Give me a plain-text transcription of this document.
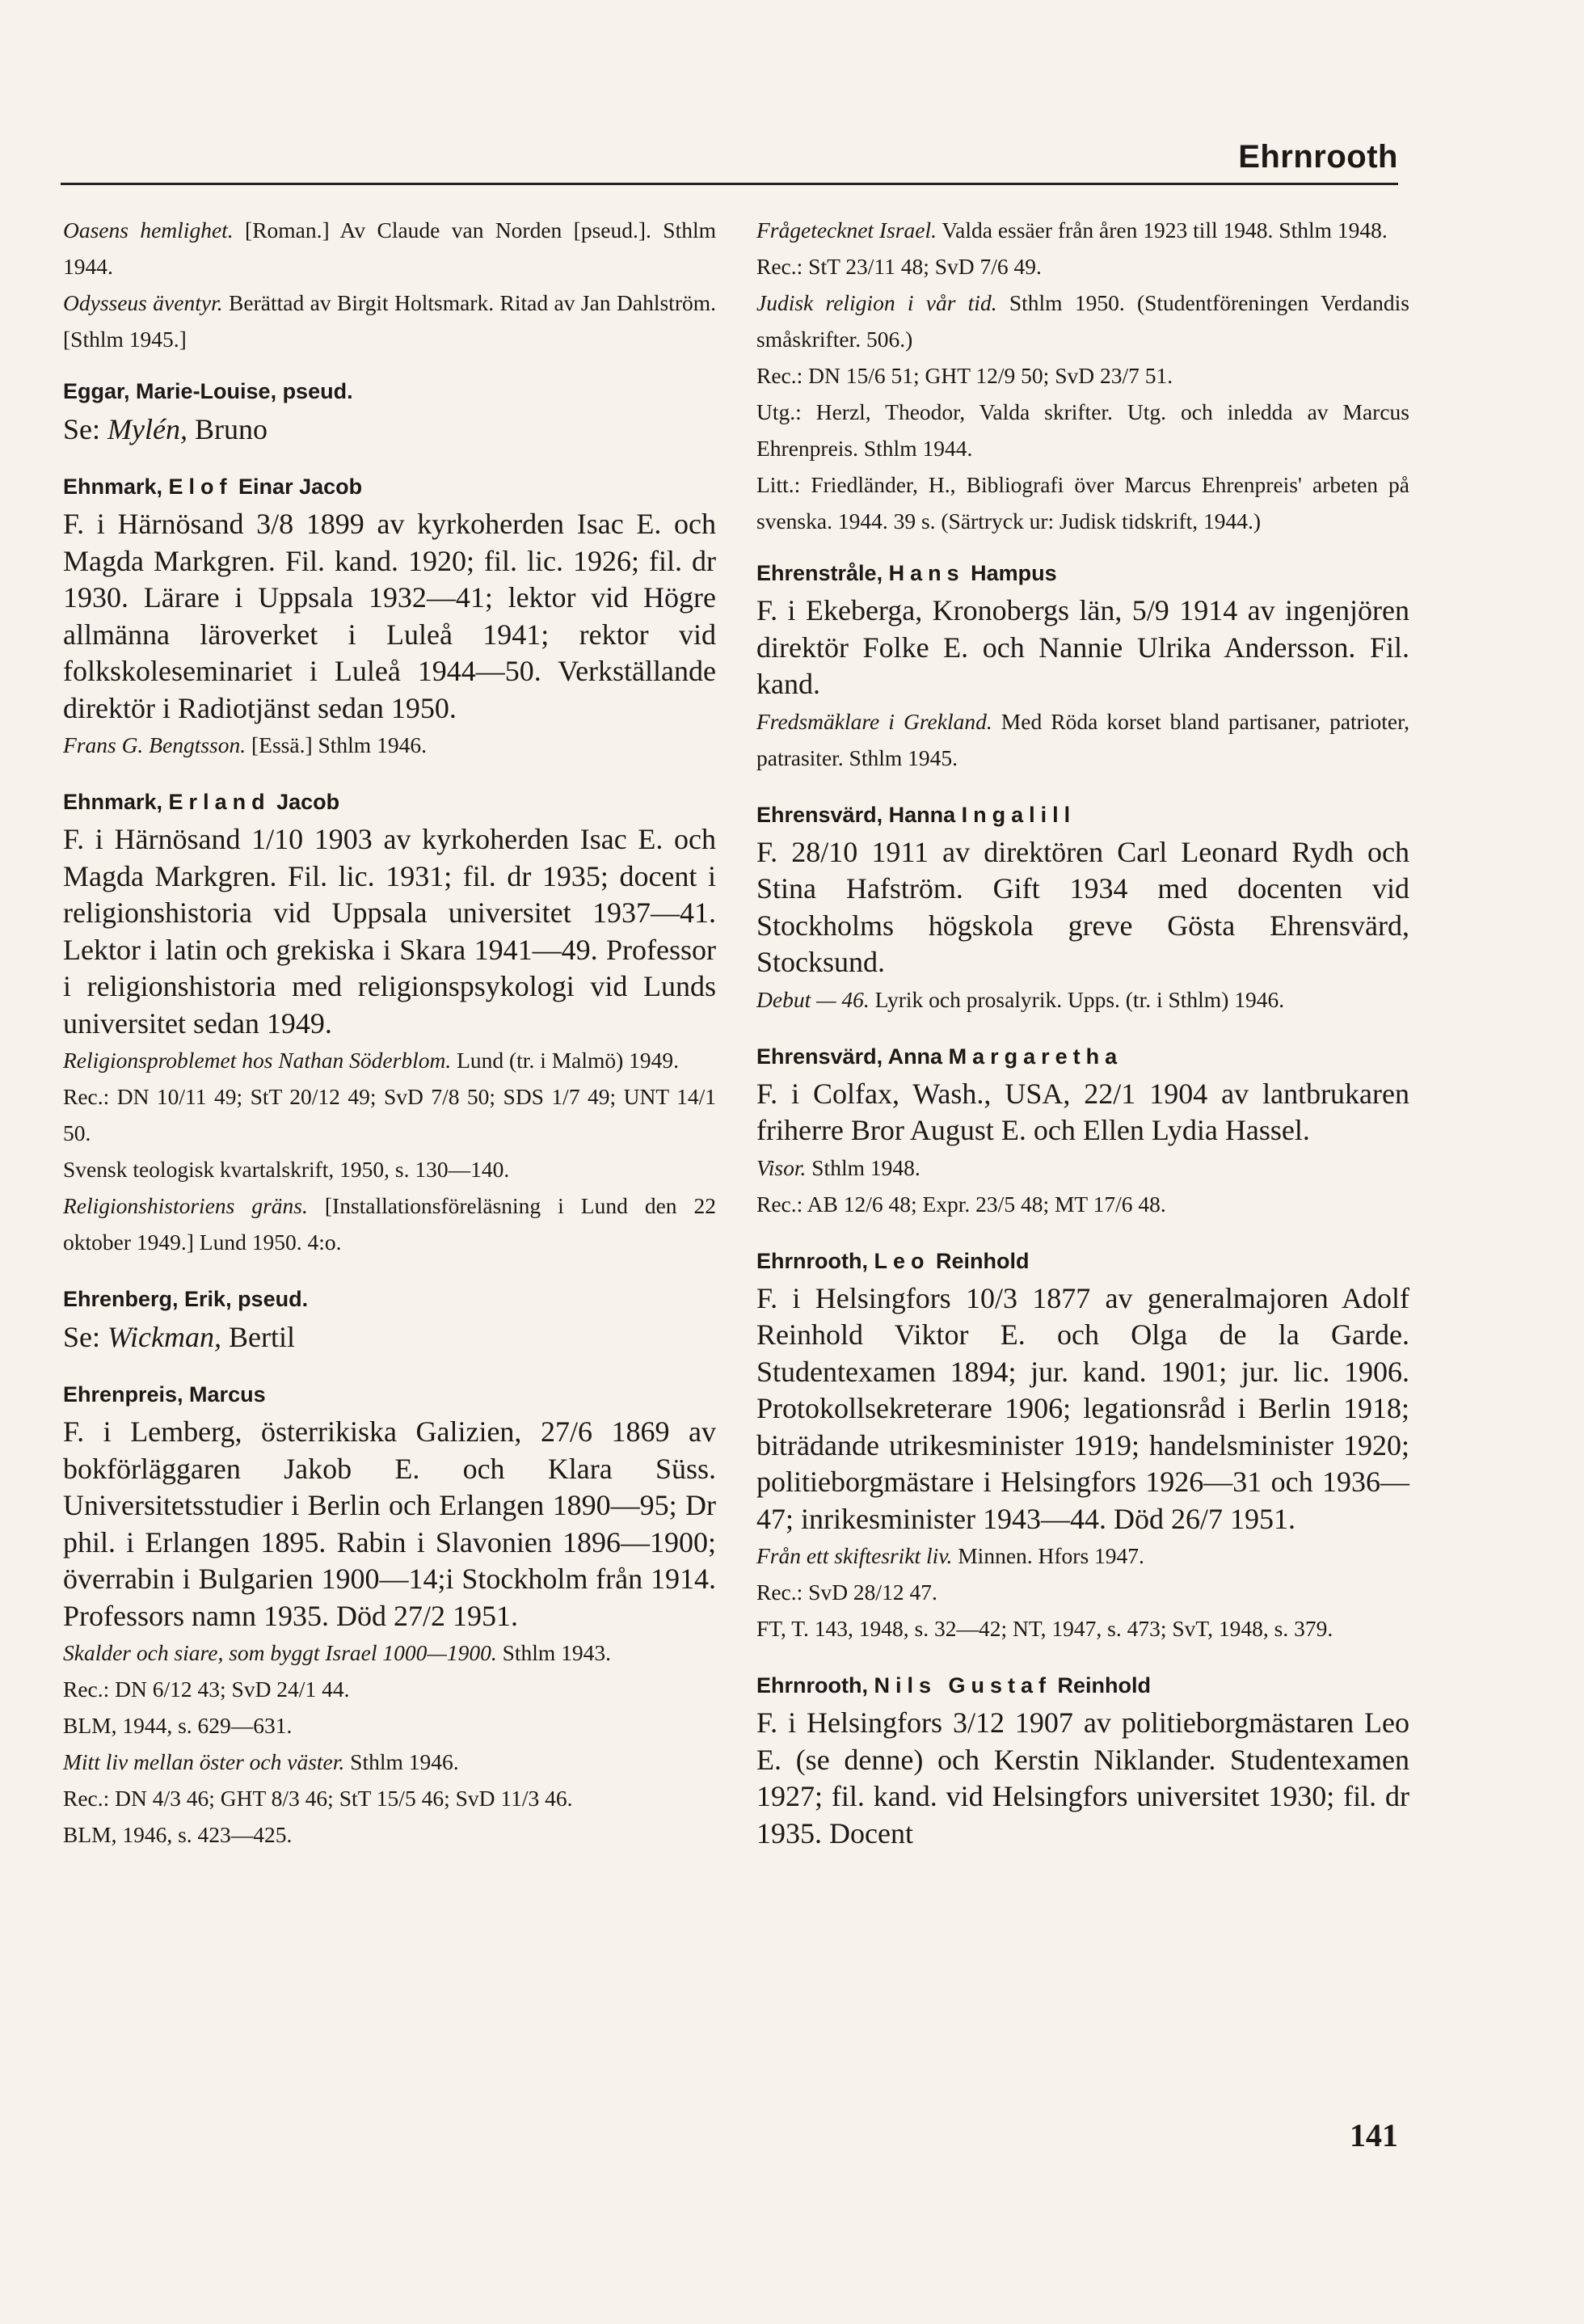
Ehrnrooth

Oasens hemlighet. [Roman.] Av Claude van Norden [pseud.]. Sthlm 1944.

Odysseus äventyr. Berättad av Birgit Holtsmark. Ritad av Jan Dahlström. [Sthlm 1945.]

Eggar, Marie-Louise, pseud.

Se: Mylén, Bruno

Ehnmark, Elof Einar Jacob

F. i Härnösand 3/8 1899 av kyrkoherden Isac E. och Magda Markgren. Fil. kand. 1920; fil. lic. 1926; fil. dr 1930. Lärare i Uppsala 1932—41; lektor vid Högre allmänna läroverket i Luleå 1941; rektor vid folkskoleseminariet i Luleå 1944—50. Verkställande direktör i Radiotjänst sedan 1950.

Frans G. Bengtsson. [Essä.] Sthlm 1946.

Ehnmark, Erland Jacob

F. i Härnösand 1/10 1903 av kyrkoherden Isac E. och Magda Markgren. Fil. lic. 1931; fil. dr 1935; docent i religionshistoria vid Uppsala universitet 1937—41. Lektor i latin och grekiska i Skara 1941—49. Professor i religionshistoria med religionspsykologi vid Lunds universitet sedan 1949.

Religionsproblemet hos Nathan Söderblom. Lund (tr. i Malmö) 1949.

Rec.: DN 10/11 49; StT 20/12 49; SvD 7/8 50; SDS 1/7 49; UNT 14/1 50.

Svensk teologisk kvartalskrift, 1950, s. 130—140.

Religionshistoriens gräns. [Installationsföreläsning i Lund den 22 oktober 1949.] Lund 1950. 4:o.

Ehrenberg, Erik, pseud.

Se: Wickman, Bertil

Ehrenpreis, Marcus

F. i Lemberg, österrikiska Galizien, 27/6 1869 av bokförläggaren Jakob E. och Klara Süss. Universitetsstudier i Berlin och Erlangen 1890—95; Dr phil. i Erlangen 1895. Rabin i Slavonien 1896—1900; överrabin i Bulgarien 1900—14;i Stockholm från 1914. Professors namn 1935. Död 27/2 1951.

Skalder och siare, som byggt Israel 1000—1900. Sthlm 1943.

Rec.: DN 6/12 43; SvD 24/1 44.

BLM, 1944, s. 629—631.

Mitt liv mellan öster och väster. Sthlm 1946.

Rec.: DN 4/3 46; GHT 8/3 46; StT 15/5 46; SvD 11/3 46.

BLM, 1946, s. 423—425.

Frågetecknet Israel. Valda essäer från åren 1923 till 1948. Sthlm 1948.

Rec.: StT 23/11 48; SvD 7/6 49.

Judisk religion i vår tid. Sthlm 1950. (Studentföreningen Verdandis småskrifter. 506.)

Rec.: DN 15/6 51; GHT 12/9 50; SvD 23/7 51.

Utg.: Herzl, Theodor, Valda skrifter. Utg. och inledda av Marcus Ehrenpreis. Sthlm 1944.

Litt.: Friedländer, H., Bibliografi över Marcus Ehrenpreis' arbeten på svenska. 1944. 39 s. (Särtryck ur: Judisk tidskrift, 1944.)

Ehrenstråle, Hans Hampus

F. i Ekeberga, Kronobergs län, 5/9 1914 av ingenjören direktör Folke E. och Nannie Ulrika Andersson. Fil. kand.

Fredsmäklare i Grekland. Med Röda korset bland partisaner, patrioter, patrasiter. Sthlm 1945.

Ehrensvärd, Hanna Ingalill

F. 28/10 1911 av direktören Carl Leonard Rydh och Stina Hafström. Gift 1934 med docenten vid Stockholms högskola greve Gösta Ehrensvärd, Stocksund.

Debut — 46. Lyrik och prosalyrik. Upps. (tr. i Sthlm) 1946.

Ehrensvärd, Anna Margaretha

F. i Colfax, Wash., USA, 22/1 1904 av lantbrukaren friherre Bror August E. och Ellen Lydia Hassel.

Visor. Sthlm 1948.

Rec.: AB 12/6 48; Expr. 23/5 48; MT 17/6 48.

Ehrnrooth, Leo Reinhold

F. i Helsingfors 10/3 1877 av generalmajoren Adolf Reinhold Viktor E. och Olga de la Garde. Studentexamen 1894; jur. kand. 1901; jur. lic. 1906. Protokollsekreterare 1906; legationsråd i Berlin 1918; biträdande utrikesminister 1919; handelsminister 1920; politieborgmästare i Helsingfors 1926—31 och 1936—47; inrikesminister 1943—44. Död 26/7 1951.

Från ett skiftesrikt liv. Minnen. Hfors 1947.

Rec.: SvD 28/12 47.

FT, T. 143, 1948, s. 32—42; NT, 1947, s. 473; SvT, 1948, s. 379.

Ehrnrooth, Nils Gustaf Reinhold

F. i Helsingfors 3/12 1907 av politieborgmästaren Leo E. (se denne) och Kerstin Niklander. Studentexamen 1927; fil. kand. vid Helsingfors universitet 1930; fil. dr 1935. Docent

141
